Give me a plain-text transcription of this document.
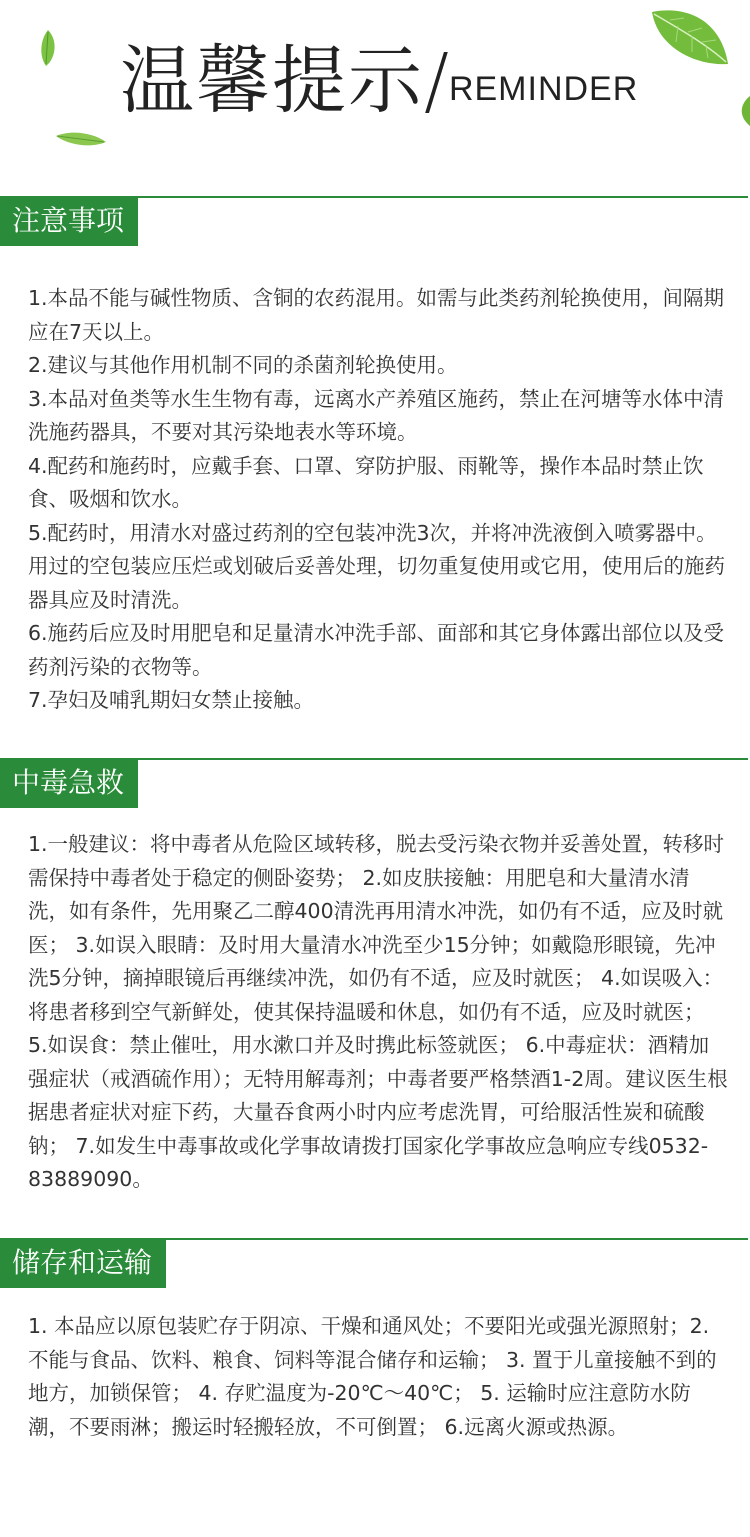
温馨提示/REMINDER
注意事项

1.本品不能与碱性物质、含铜的农药混用。如需与此类药剂轮换使用，间隔期应在7天以上。

2.建议与其他作用机制不同的杀菌剂轮换使用。

3.本品对鱼类等水生生物有毒，远离水产养殖区施药，禁止在河塘等水体中清洗施药器具，不要对其污染地表水等环境。

4.配药和施药时，应戴手套、口罩、穿防护服、雨靴等，操作本品时禁止饮食、吸烟和饮水。

5.配药时，用清水对盛过药剂的空包装冲洗3次，并将冲洗液倒入喷雾器中。用过的空包装应压烂或划破后妥善处理，切勿重复使用或它用，使用后的施药器具应及时清洗。

6.施药后应及时用肥皂和足量清水冲洗手部、面部和其它身体露出部位以及受药剂污染的衣物等。

7.孕妇及哺乳期妇女禁止接触。

中毒急救

1.一般建议：将中毒者从危险区域转移，脱去受污染衣物并妥善处置，转移时需保持中毒者处于稳定的侧卧姿势； 2.如皮肤接触：用肥皂和大量清水清洗，如有条件，先用聚乙二醇400清洗再用清水冲洗，如仍有不适，应及时就医； 3.如误入眼睛：及时用大量清水冲洗至少15分钟；如戴隐形眼镜，先冲洗5分钟，摘掉眼镜后再继续冲洗，如仍有不适，应及时就医； 4.如误吸入：将患者移到空气新鲜处，使其保持温暖和休息，如仍有不适，应及时就医； 5.如误食：禁止催吐，用水漱口并及时携此标签就医； 6.中毒症状：酒精加强症状（戒酒硫作用）；无特用解毒剂；中毒者要严格禁酒1-2周。建议医生根据患者症状对症下药，大量吞食两小时内应考虑洗胃，可给服活性炭和硫酸钠； 7.如发生中毒事故或化学事故请拨打国家化学事故应急响应专线0532-83889090。

储存和运输

1. 本品应以原包装贮存于阴凉、干燥和通风处；不要阳光或强光源照射；2. 不能与食品、饮料、粮食、饲料等混合储存和运输； 3. 置于儿童接触不到的地方，加锁保管； 4. 存贮温度为-20℃～40℃； 5. 运输时应注意防水防潮，不要雨淋；搬运时轻搬轻放，不可倒置； 6.远离火源或热源。
